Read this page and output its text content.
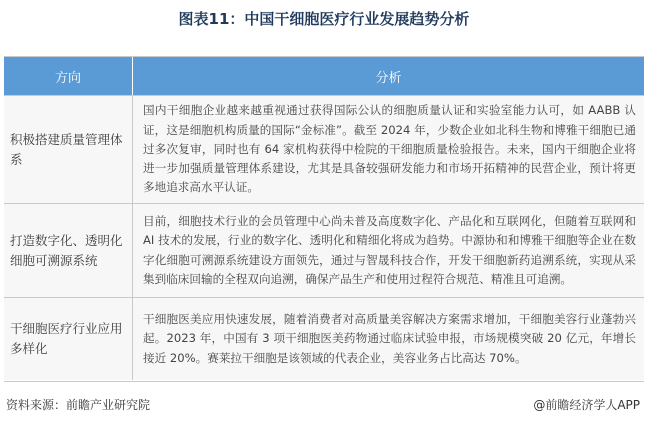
图表11：中国干细胞医疗行业发展趋势分析
方向	分析
积极搭建质量管理体系
国内干细胞企业越来越重视通过获得国际公认的细胞质量认证和实验室能力认可，如 AABB 认证，这是细胞机构质量的国际“金标准”。截至 2024 年，少数企业如北科生物和博雅干细胞已通过多次复审，同时也有 64 家机构获得中检院的干细胞质量检验报告。未来，国内干细胞企业将进一步加强质量管理体系建设，尤其是具备较强研发能力和市场开拓精神的民营企业，预计将更多地追求高水平认证。
打造数字化、透明化细胞可溯源系统
目前，细胞技术行业的会员管理中心尚未普及高度数字化、产品化和互联网化，但随着互联网和 AI 技术的发展，行业的数字化、透明化和精细化将成为趋势。中源协和和博雅干细胞等企业在数字化细胞可溯源系统建设方面领先，通过与智晟科技合作，开发干细胞新药追溯系统，实现从采集到临床回输的全程双向追溯，确保产品生产和使用过程符合规范、精准且可追溯。
干细胞医疗行业应用多样化
干细胞医美应用快速发展，随着消费者对高质量美容解决方案需求增加，干细胞美容行业蓬勃兴起。2023 年，中国有 3 项干细胞医美药物通过临床试验申报，市场规模突破 20 亿元，年增长接近 20%。赛莱拉干细胞是该领域的代表企业，美容业务占比高达 70%。
资料来源：前瞻产业研究院	@前瞻经济学人APP
